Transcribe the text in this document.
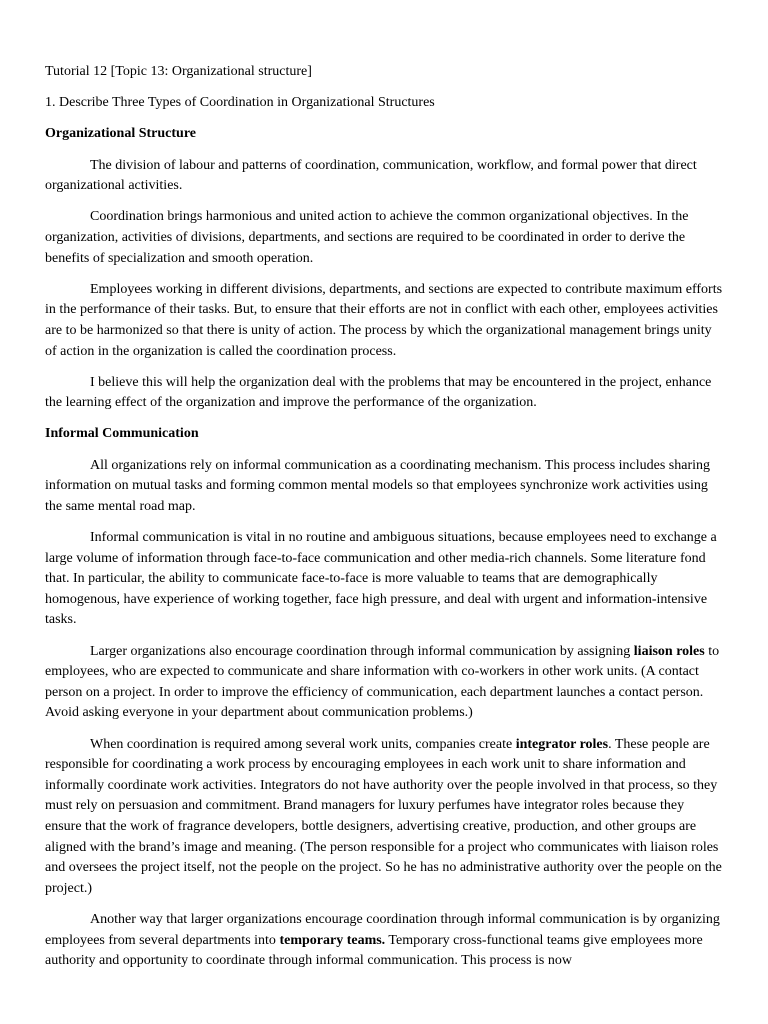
Tutorial 12 [Topic 13: Organizational structure]

1. Describe Three Types of Coordination in Organizational Structures

Organizational Structure

The division of labour and patterns of coordination, communication, workflow, and formal power that direct organizational activities.

Coordination brings harmonious and united action to achieve the common organizational objectives. In the organization, activities of divisions, departments, and sections are required to be coordinated in order to derive the benefits of specialization and smooth operation.

Employees working in different divisions, departments, and sections are expected to contribute maximum efforts in the performance of their tasks. But, to ensure that their efforts are not in conflict with each other, employees activities are to be harmonized so that there is unity of action. The process by which the organizational management brings unity of action in the organization is called the coordination process.

I believe this will help the organization deal with the problems that may be encountered in the project, enhance the learning effect of the organization and improve the performance of the organization.

Informal Communication

All organizations rely on informal communication as a coordinating mechanism. This process includes sharing information on mutual tasks and forming common mental models so that employees synchronize work activities using the same mental road map.

Informal communication is vital in no routine and ambiguous situations, because employees need to exchange a large volume of information through face-to-face communication and other media-rich channels. Some literature fond that. In particular, the ability to communicate face-to-face is more valuable to teams that are demographically homogenous, have experience of working together, face high pressure, and deal with urgent and information-intensive tasks.

Larger organizations also encourage coordination through informal communication by assigning liaison roles to employees, who are expected to communicate and share information with co-workers in other work units. (A contact person on a project. In order to improve the efficiency of communication, each department launches a contact person. Avoid asking everyone in your department about communication problems.)

When coordination is required among several work units, companies create integrator roles. These people are responsible for coordinating a work process by encouraging employees in each work unit to share information and informally coordinate work activities. Integrators do not have authority over the people involved in that process, so they must rely on persuasion and commitment. Brand managers for luxury perfumes have integrator roles because they ensure that the work of fragrance developers, bottle designers, advertising creative, production, and other groups are aligned with the brand’s image and meaning. (The person responsible for a project who communicates with liaison roles and oversees the project itself, not the people on the project. So he has no administrative authority over the people on the project.)

Another way that larger organizations encourage coordination through informal communication is by organizing employees from several departments into temporary teams. Temporary cross-functional teams give employees more authority and opportunity to coordinate through informal communication. This process is now
